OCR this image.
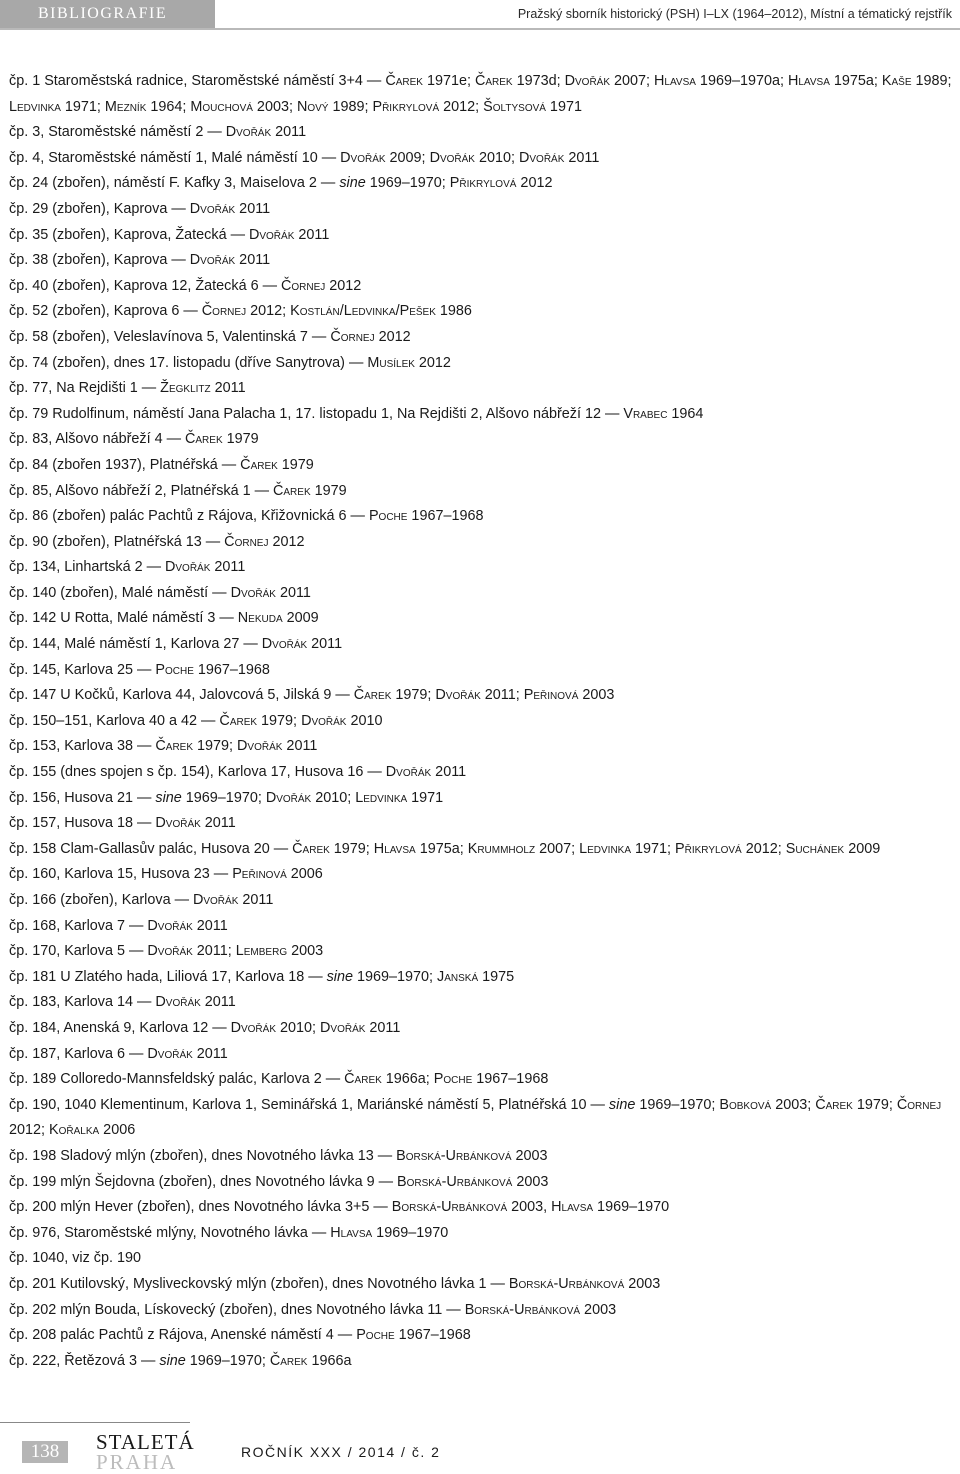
BIBLIOGRAFIE	Pražský sborník historický (PSH) I–LX (1964–2012), Místní a tématický rejstřík
čp. 1 Staroměstská radnice, Staroměstské náměstí 3+4 — Čarek 1971e; Čarek 1973d; Dvořák 2007; Hlavsa 1969–1970a; Hlavsa 1975a; Kaše 1989; Ledvinka 1971; Mezník 1964; Mouchová 2003; Nový 1989; Přikrylová 2012; Šoltysová 1971
čp. 3, Staroměstské náměstí 2 — Dvořák 2011
čp. 4, Staroměstské náměstí 1, Malé náměstí 10 — Dvořák 2009; Dvořák 2010; Dvořák 2011
čp. 24 (zbořen), náměstí F. Kafky 3, Maiselova 2 — sine 1969–1970; Přikrylová 2012
čp. 29 (zbořen), Kaprova — Dvořák 2011
čp. 35 (zbořen), Kaprova, Žatecká — Dvořák 2011
čp. 38 (zbořen), Kaprova — Dvořák 2011
čp. 40 (zbořen), Kaprova 12, Žatecká 6 — Čornej 2012
čp. 52 (zbořen), Kaprova 6 — Čornej 2012; Kostlán/Ledvinka/Pešek 1986
čp. 58 (zbořen), Veleslavínova 5, Valentinská 7 — Čornej 2012
čp. 74 (zbořen), dnes 17. listopadu (dříve Sanytrova) — Musílek 2012
čp. 77, Na Rejdišti 1 — Žegklitz 2011
čp. 79 Rudolfinum, náměstí Jana Palacha 1, 17. listopadu 1, Na Rejdišti 2, Alšovo nábřeží 12 — Vrabec 1964
čp. 83, Alšovo nábřeží 4 — Čarek 1979
čp. 84 (zbořen 1937), Platnéřská — Čarek 1979
čp. 85, Alšovo nábřeží 2, Platnéřská 1 — Čarek 1979
čp. 86 (zbořen) palác Pachtů z Rájova, Křižovnická 6 — Poche 1967–1968
čp. 90 (zbořen), Platnéřská 13 — Čornej 2012
čp. 134, Linhartská 2 — Dvořák 2011
čp. 140 (zbořen), Malé náměstí — Dvořák 2011
čp. 142 U Rotta, Malé náměstí 3 — Nekuda 2009
čp. 144, Malé náměstí 1, Karlova 27 — Dvořák 2011
čp. 145, Karlova 25 — Poche 1967–1968
čp. 147 U Kočků, Karlova 44, Jalovcová 5, Jilská 9 — Čarek 1979; Dvořák 2011; Peřinová 2003
čp. 150–151, Karlova 40 a 42 — Čarek 1979; Dvořák 2010
čp. 153, Karlova 38 — Čarek 1979; Dvořák 2011
čp. 155 (dnes spojen s čp. 154), Karlova 17, Husova 16 — Dvořák 2011
čp. 156, Husova 21 — sine 1969–1970; Dvořák 2010; Ledvinka 1971
čp. 157, Husova 18 — Dvořák 2011
čp. 158 Clam-Gallasův palác, Husova 20 — Čarek 1979; Hlavsa 1975a; Krummholz 2007; Ledvinka 1971; Přikrylová 2012; Suchánek 2009
čp. 160, Karlova 15, Husova 23 — Peřinová 2006
čp. 166 (zbořen), Karlova — Dvořák 2011
čp. 168, Karlova 7 — Dvořák 2011
čp. 170, Karlova 5 — Dvořák 2011; Lemberg 2003
čp. 181 U Zlatého hada, Liliová 17, Karlova 18 — sine 1969–1970; Janská 1975
čp. 183, Karlova 14 — Dvořák 2011
čp. 184, Anenská 9, Karlova 12 — Dvořák 2010; Dvořák 2011
čp. 187, Karlova 6 — Dvořák 2011
čp. 189 Colloredo-Mannsfeldský palác, Karlova 2 — Čarek 1966a; Poche 1967–1968
čp. 190, 1040 Klementinum, Karlova 1, Seminářská 1, Mariánské náměstí 5, Platnéřská 10 — sine 1969–1970; Bobková 2003; Čarek 1979; Čornej 2012; Kořalka 2006
čp. 198 Sladový mlýn (zbořen), dnes Novotného lávka 13 — Borská-Urbánková 2003
čp. 199 mlýn Šejdovna (zbořen), dnes Novotného lávka 9 — Borská-Urbánková 2003
čp. 200 mlýn Hever (zbořen), dnes Novotného lávka 3+5 — Borská-Urbánková 2003, Hlavsa 1969–1970
čp. 976, Staroměstské mlýny, Novotného lávka — Hlavsa 1969–1970
čp. 1040, viz čp. 190
čp. 201 Kutilovský, Mysliveckovský mlýn (zbořen), dnes Novotného lávka 1 — Borská-Urbánková 2003
čp. 202 mlýn Bouda, Lískovecký (zbořen), dnes Novotného lávka 11 — Borská-Urbánková 2003
čp. 208 palác Pachtů z Rájova, Anenské náměstí 4 — Poche 1967–1968
čp. 222, Řetězová 3 — sine 1969–1970; Čarek 1966a
138	STALETÁ
PRAHA	ROČNÍK XXX / 2014 / č. 2
